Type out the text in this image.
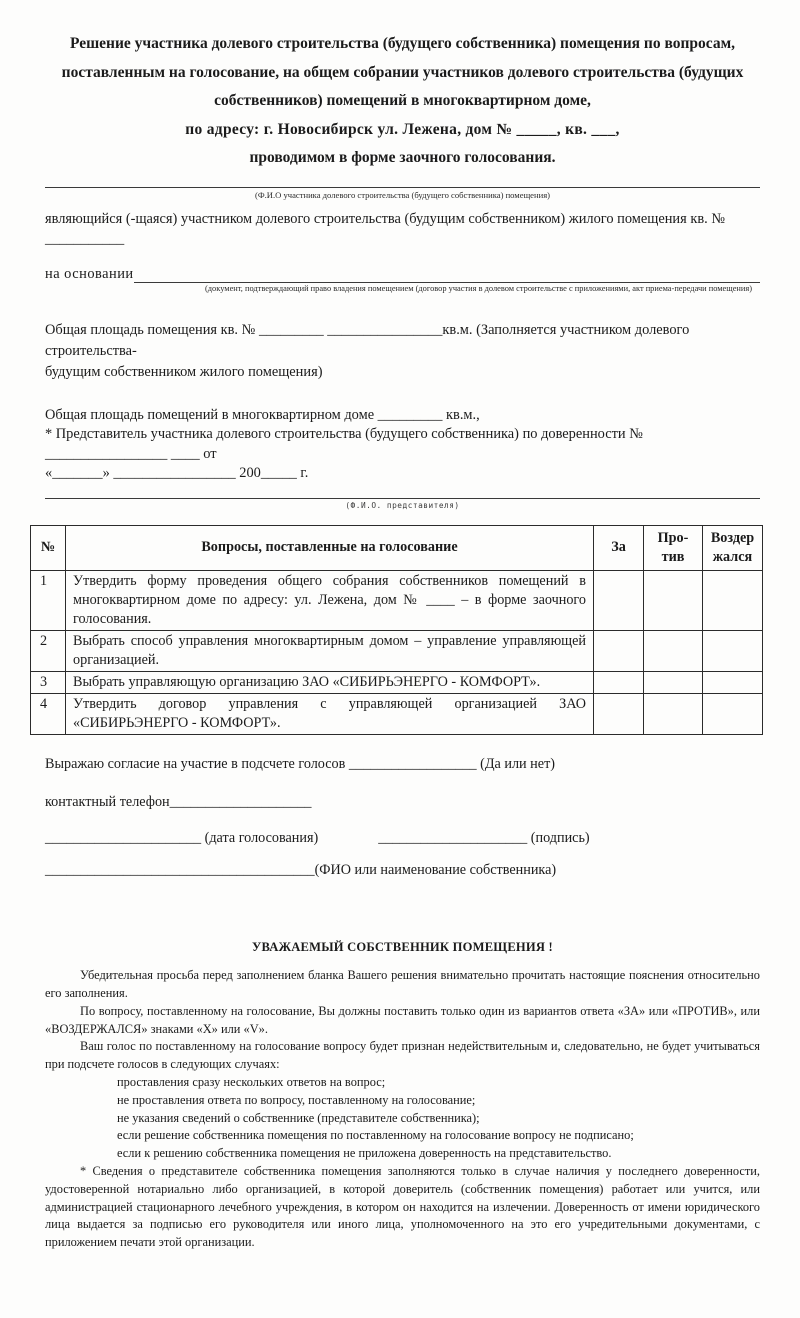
Решение участника долевого строительства (будущего собственника) помещения по вопросам,
поставленным на голосование, на общем собрании участников долевого строительства (будущих
собственников) помещений в многоквартирном доме,
по адресу: г. Новосибирск ул. Лежена, дом № _____, кв. ___,
проводимом в форме заочного голосования.
(Ф.И.О участника долевого строительства (будущего собственника) помещения)

являющийся (-щаяся) участником долевого строительства (будущим собственником) жилого помещения кв. № ___________

на основании
(документ, подтверждающий право владения помещением (договор участия в долевом строительстве с приложениями, акт приема-передачи помещения)
Общая площадь помещения кв. № _________ ________________кв.м. (Заполняется участником долевого строительства-
будущим собственником жилого помещения)
Общая площадь помещений в многоквартирном доме _________ кв.м.,
* Представитель участника долевого строительства (будущего собственника) по доверенности № _________________ ____ от
«_______» _________________ 200_____ г.
(Ф.И.О. представителя)
№	Вопросы, поставленные на голосование	За	Про- тив	Воздер жался
1	Утвердить форму проведения общего собрания собственников помещений в многоквартирном доме по адресу: ул. Лежена, дом № ____ – в форме заочного голосования.			
2	Выбрать способ управления многоквартирным домом – управление управляющей организацией.			
3	Выбрать управляющую организацию ЗАО «СИБИРЬЭНЕРГО - КОМФОРТ».			
4	Утвердить договор управления с управляющей организацией ЗАО «СИБИРЬЭНЕРГО - КОМФОРТ».			
Выражаю согласие на участие в подсчете голосов __________________ (Да или нет)
контактный телефон____________________
______________________ (дата голосования)	_____________________ (подпись)
______________________________________(ФИО или наименование собственника)
УВАЖАЕМЫЙ СОБСТВЕННИК ПОМЕЩЕНИЯ !

Убедительная просьба перед заполнением бланка Вашего решения внимательно прочитать настоящие пояснения относительно его заполнения.

По вопросу, поставленному на голосование, Вы должны поставить только один из вариантов ответа «ЗА» или «ПРОТИВ», или «ВОЗДЕРЖАЛСЯ» знаками «Х» или «V».

Ваш голос по поставленному на голосование вопросу будет признан недействительным и, следовательно, не будет учитываться при подсчете голосов в следующих случаях:

проставления сразу нескольких ответов на вопрос;
не проставления ответа по вопросу, поставленному на голосование;
не указания сведений о собственнике (представителе собственника);
если решение собственника помещения по поставленному на голосование вопросу не подписано;
если к решению собственника помещения не приложена доверенность на представительство.

* Сведения о представителе собственника помещения заполняются только в случае наличия у последнего доверенности, удостоверенной нотариально либо организацией, в которой доверитель (собственник помещения) работает или учится, или администрацией стационарного лечебного учреждения, в котором он находится на излечении. Доверенность от имени юридического лица выдается за подписью его руководителя или иного лица, уполномоченного на это его учредительными документами, с приложением печати этой организации.
